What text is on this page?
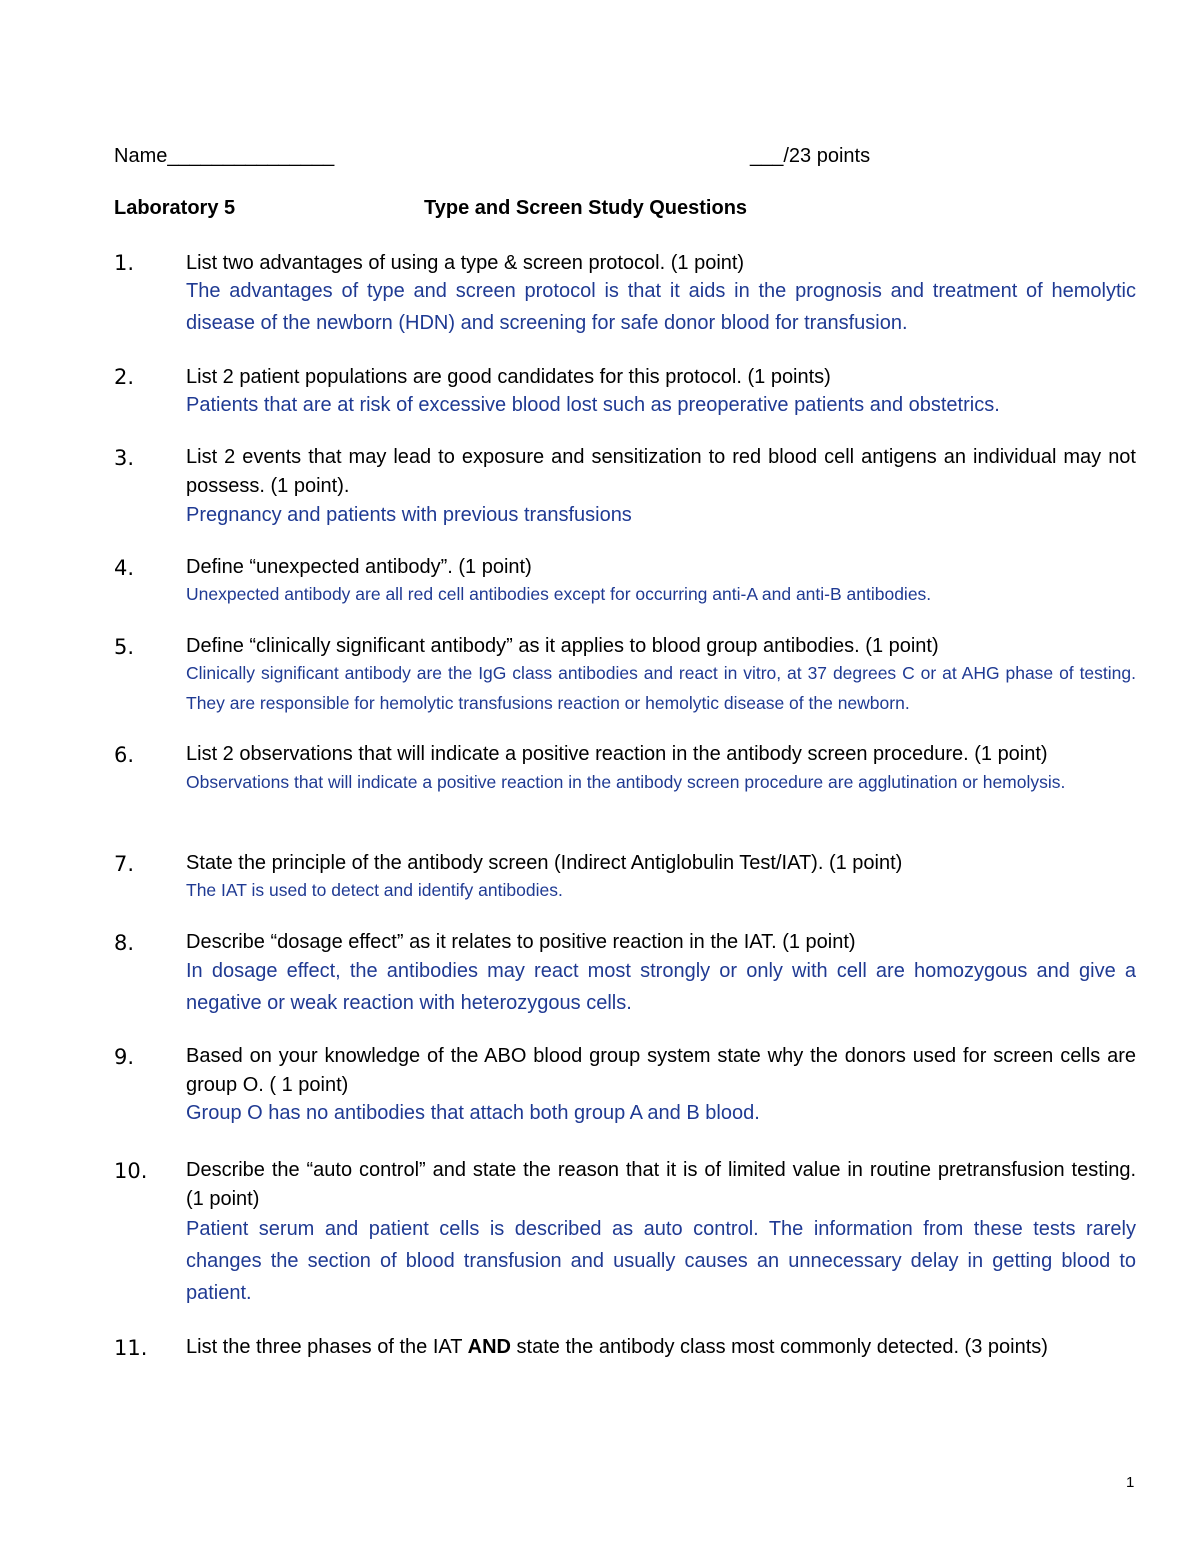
Name_______________	___/23 points
Laboratory 5	Type and Screen Study Questions
1.	List two advantages of using a type & screen protocol. (1 point)
The advantages of type and screen protocol is that it aids in the prognosis and treatment of hemolytic disease of the newborn (HDN) and screening for safe donor blood for transfusion.
2.	List 2 patient populations are good candidates for this protocol. (1 points)
Patients that are at risk of excessive blood lost such as preoperative patients and obstetrics.
3.	List 2 events that may lead to exposure and sensitization to red blood cell antigens an individual may not possess. (1 point).
Pregnancy and patients with previous transfusions
4.	Define “unexpected antibody”. (1 point)
Unexpected antibody are all red cell antibodies except for occurring anti-A and anti-B antibodies.
5.	Define “clinically significant antibody” as it applies to blood group antibodies. (1 point)
Clinically significant antibody are the IgG class antibodies and react in vitro, at 37 degrees C or at AHG phase of testing. They are responsible for hemolytic transfusions reaction or hemolytic disease of the newborn.
6.	List 2 observations that will indicate a positive reaction in the antibody screen procedure. (1 point)
Observations that will indicate a positive reaction in the antibody screen procedure are agglutination or hemolysis.
7.	State the principle of the antibody screen (Indirect Antiglobulin Test/IAT). (1 point)
The IAT is used to detect and identify antibodies.
8.	Describe “dosage effect” as it relates to positive reaction in the IAT. (1 point)
In dosage effect, the antibodies may react most strongly or only with cell are homozygous and give a negative or weak reaction with heterozygous cells.
9.	Based on your knowledge of the ABO blood group system state why the donors used for screen cells are group O. ( 1 point)
Group O has no antibodies that attach both group A and B blood.
10.	Describe the “auto control” and state the reason that it is of limited value in routine pretransfusion testing. (1 point)
Patient serum and patient cells is described as auto control. The information from these tests rarely changes the section of blood transfusion and usually causes an unnecessary delay in getting blood to patient.
11.	List the three phases of the IAT AND state the antibody class most commonly detected. (3 points)
1
